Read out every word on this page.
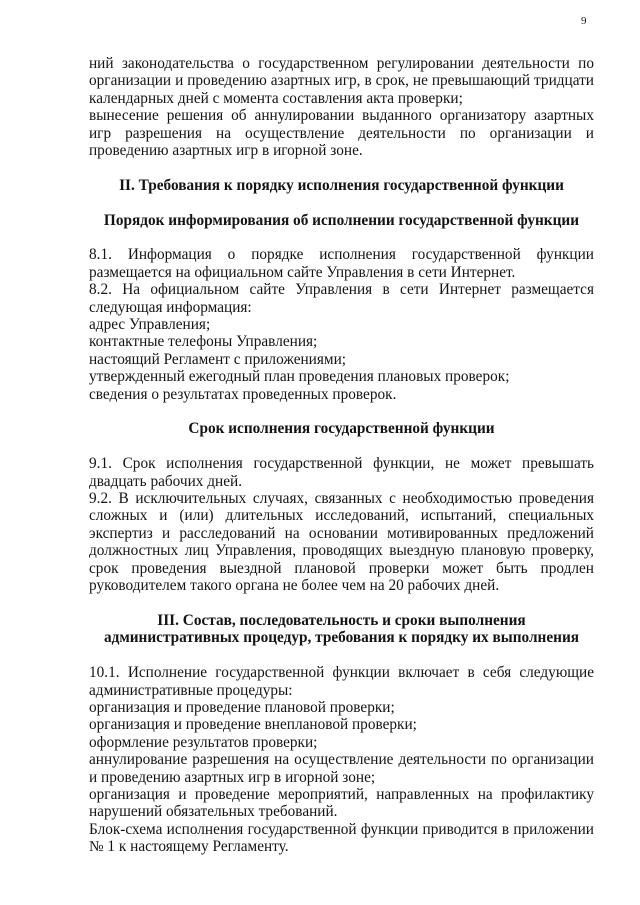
9

ний законодательства о государственном регулировании деятельности по организации и проведению азартных игр, в срок, не превышающий тридцати календарных дней с момента составления акта проверки;

вынесение решения об аннулировании выданного организатору азартных игр разрешения на осуществление деятельности по организации и проведению азартных игр в игорной зоне.

II. Требования к порядку исполнения государственной функции

Порядок информирования об исполнении государственной функции

8.1. Информация о порядке исполнения государственной функции размещается на официальном сайте Управления в сети Интернет.

8.2. На официальном сайте Управления в сети Интернет размещается следующая информация:

адрес Управления;

контактные телефоны Управления;

настоящий Регламент с приложениями;

утвержденный ежегодный план проведения плановых проверок;

сведения о результатах проведенных проверок.

Срок исполнения государственной функции

9.1. Срок исполнения государственной функции, не может превышать двадцать рабочих дней.

9.2. В исключительных случаях, связанных с необходимостью проведения сложных и (или) длительных исследований, испытаний, специальных экспертиз и расследований на основании мотивированных предложений должностных лиц Управления, проводящих выездную плановую проверку, срок проведения выездной плановой проверки может быть продлен руководителем такого органа не более чем на 20 рабочих дней.

III. Состав, последовательность и сроки выполнения административных процедур, требования к порядку их выполнения

10.1. Исполнение государственной функции включает в себя следующие административные процедуры:

организация и проведение плановой проверки;

организация и проведение внеплановой проверки;

оформление результатов проверки;

аннулирование разрешения на осуществление деятельности по организации и проведению азартных игр в игорной зоне;

организация и проведение мероприятий, направленных на профилактику нарушений обязательных требований.

Блок-схема исполнения государственной функции приводится в приложении № 1 к настоящему Регламенту.
